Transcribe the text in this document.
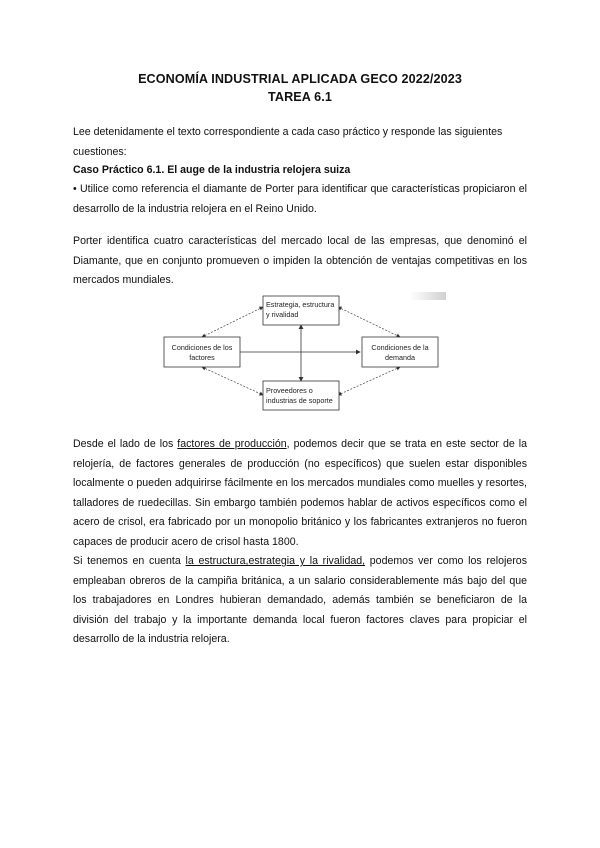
ECONOMÍA INDUSTRIAL APLICADA GECO 2022/2023
TAREA 6.1
Lee detenidamente el texto correspondiente a cada caso práctico y responde las siguientes cuestiones:
Caso Práctico 6.1. El auge de la industria relojera suiza
• Utilice como referencia el diamante de Porter para identificar que características propiciaron el desarrollo de la industria relojera en el Reino Unido.
Porter identifica cuatro características del mercado local de las empresas, que denominó el Diamante, que en conjunto promueven o impiden la obtención de ventajas competitivas en los mercados mundiales.
Estrategia, estructura
y rivalidad
Condiciones de los
factores
Condiciones de la
demanda
Proveedores o
industrias de soporte
Desde el lado de los factores de producción, podemos decir que se trata en este sector de la relojería, de factores generales de producción (no específicos) que suelen estar disponibles localmente o pueden adquirirse fácilmente en los mercados mundiales como muelles y resortes, talladores de ruedecillas. Sin embargo también podemos hablar de activos específicos como el acero de crisol, era fabricado por un monopolio británico y los fabricantes extranjeros no fueron capaces de producir acero de crisol hasta 1800.
Si tenemos en cuenta la estructura,estrategia y la rivalidad, podemos ver como los relojeros empleaban obreros de la campiña británica, a un salario considerablemente más bajo del que los trabajadores en Londres hubieran demandado, además también se beneficiaron de la división del trabajo y la importante demanda local fueron factores claves para propiciar el desarrollo de la industria relojera.
